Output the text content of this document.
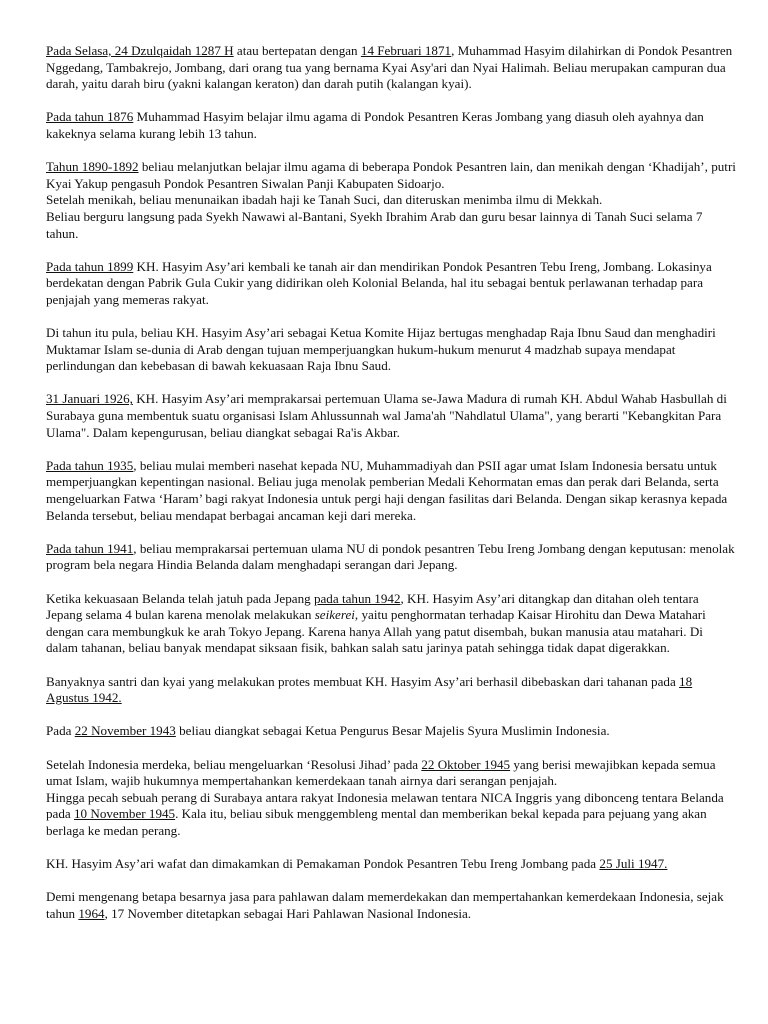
Pada Selasa, 24 Dzulqaidah 1287 H atau bertepatan dengan 14 Februari 1871, Muhammad Hasyim dilahirkan di Pondok Pesantren Nggedang, Tambakrejo, Jombang, dari orang tua yang bernama Kyai Asy'ari dan Nyai Halimah. Beliau merupakan campuran dua darah, yaitu darah biru (yakni kalangan keraton) dan darah putih (kalangan kyai).

Pada tahun 1876 Muhammad Hasyim belajar ilmu agama di Pondok Pesantren Keras Jombang yang diasuh oleh ayahnya dan kakeknya selama kurang lebih 13 tahun.

Tahun 1890-1892 beliau melanjutkan belajar ilmu agama di beberapa Pondok Pesantren lain, dan menikah dengan ‘Khadijah’, putri Kyai Yakup pengasuh Pondok Pesantren Siwalan Panji Kabupaten Sidoarjo.
Setelah menikah, beliau menunaikan ibadah haji ke Tanah Suci, dan diteruskan menimba ilmu di Mekkah.
Beliau berguru langsung pada Syekh Nawawi al-Bantani, Syekh Ibrahim Arab dan guru besar lainnya di Tanah Suci selama 7 tahun.

Pada tahun 1899 KH. Hasyim Asy’ari kembali ke tanah air dan mendirikan Pondok Pesantren Tebu Ireng, Jombang. Lokasinya berdekatan dengan Pabrik Gula Cukir yang didirikan oleh Kolonial Belanda, hal itu sebagai bentuk perlawanan terhadap para penjajah yang memeras rakyat.

Di tahun itu pula, beliau KH. Hasyim Asy’ari sebagai Ketua Komite Hijaz bertugas menghadap Raja Ibnu Saud dan menghadiri Muktamar Islam se-dunia di Arab dengan tujuan memperjuangkan hukum-hukum menurut 4 madzhab supaya mendapat perlindungan dan kebebasan di bawah kekuasaan Raja Ibnu Saud.

31 Januari 1926, KH. Hasyim Asy’ari memprakarsai pertemuan Ulama se-Jawa Madura di rumah KH. Abdul Wahab Hasbullah di Surabaya guna membentuk suatu organisasi Islam Ahlussunnah wal Jama'ah "Nahdlatul Ulama", yang berarti "Kebangkitan Para Ulama". Dalam kepengurusan, beliau diangkat sebagai Ra'is Akbar.

Pada tahun 1935, beliau mulai memberi nasehat kepada NU, Muhammadiyah dan PSII agar umat Islam Indonesia bersatu untuk memperjuangkan kepentingan nasional. Beliau juga menolak pemberian Medali Kehormatan emas dan perak dari Belanda, serta mengeluarkan Fatwa ‘Haram’ bagi rakyat Indonesia untuk pergi haji dengan fasilitas dari Belanda. Dengan sikap kerasnya kepada Belanda tersebut, beliau mendapat berbagai ancaman keji dari mereka.

Pada tahun 1941, beliau memprakarsai pertemuan ulama NU di pondok pesantren Tebu Ireng Jombang dengan keputusan: menolak program bela negara Hindia Belanda dalam menghadapi serangan dari Jepang.

Ketika kekuasaan Belanda telah jatuh pada Jepang pada tahun 1942, KH. Hasyim Asy’ari ditangkap dan ditahan oleh tentara Jepang selama 4 bulan karena menolak melakukan seikerei, yaitu penghormatan terhadap Kaisar Hirohitu dan Dewa Matahari dengan cara membungkuk ke arah Tokyo Jepang. Karena hanya Allah yang patut disembah, bukan manusia atau matahari. Di dalam tahanan, beliau banyak mendapat siksaan fisik, bahkan salah satu jarinya patah sehingga tidak dapat digerakkan.

Banyaknya santri dan kyai yang melakukan protes membuat KH. Hasyim Asy’ari berhasil dibebaskan dari tahanan pada 18 Agustus 1942.

Pada 22 November 1943 beliau diangkat sebagai Ketua Pengurus Besar Majelis Syura Muslimin Indonesia.

Setelah Indonesia merdeka, beliau mengeluarkan ‘Resolusi Jihad’ pada 22 Oktober 1945 yang berisi mewajibkan kepada semua umat Islam, wajib hukumnya mempertahankan kemerdekaan tanah airnya dari serangan penjajah.
Hingga pecah sebuah perang di Surabaya antara rakyat Indonesia melawan tentara NICA Inggris yang dibonceng tentara Belanda pada 10 November 1945. Kala itu, beliau sibuk menggembleng mental dan memberikan bekal kepada para pejuang yang akan berlaga ke medan perang.

KH. Hasyim Asy’ari wafat dan dimakamkan di Pemakaman Pondok Pesantren Tebu Ireng Jombang pada 25 Juli 1947.

Demi mengenang betapa besarnya jasa para pahlawan dalam memerdekakan dan mempertahankan kemerdekaan Indonesia, sejak tahun 1964, 17 November ditetapkan sebagai Hari Pahlawan Nasional Indonesia.
